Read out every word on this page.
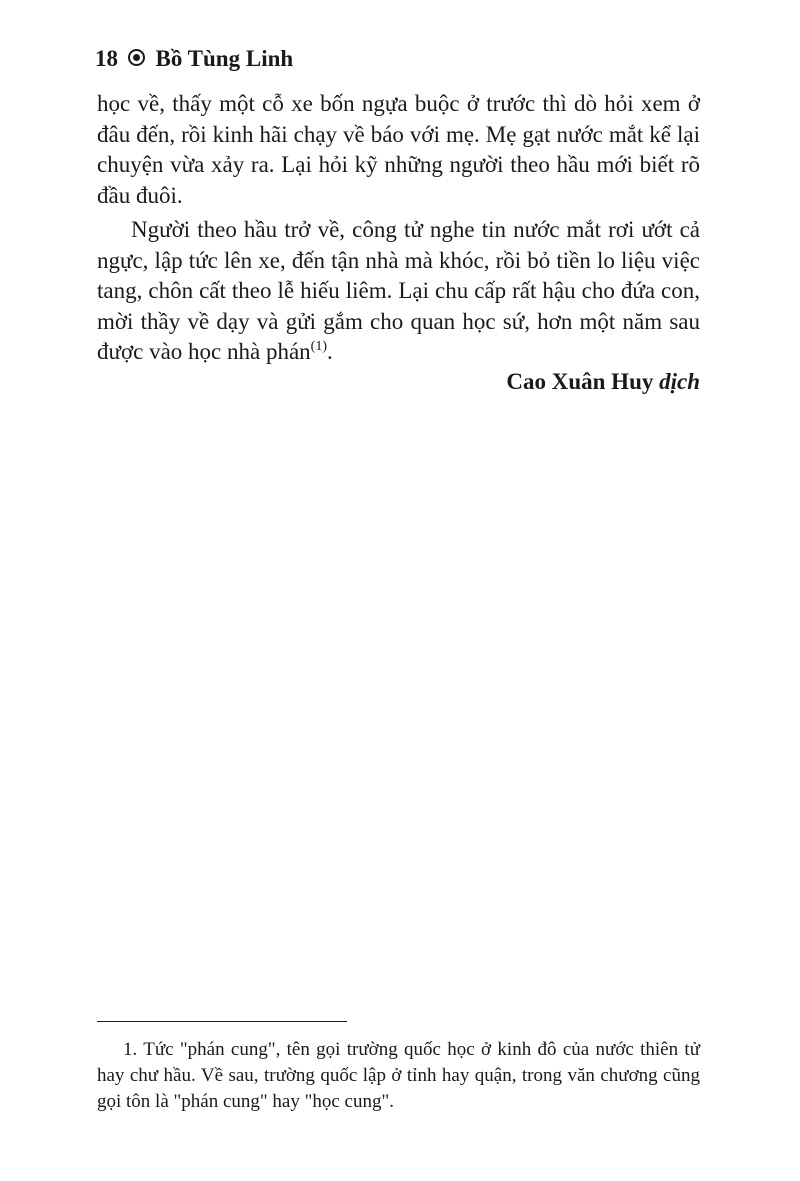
18 Bồ Tùng Linh

học về, thấy một cỗ xe bốn ngựa buộc ở trước thì dò hỏi xem ở đâu đến, rồi kinh hãi chạy về báo với mẹ. Mẹ gạt nước mắt kể lại chuyện vừa xảy ra. Lại hỏi kỹ những người theo hầu mới biết rõ đầu đuôi.

Người theo hầu trở về, công tử nghe tin nước mắt rơi ướt cả ngực, lập tức lên xe, đến tận nhà mà khóc, rồi bỏ tiền lo liệu việc tang, chôn cất theo lễ hiếu liêm. Lại chu cấp rất hậu cho đứa con, mời thầy về dạy và gửi gắm cho quan học sứ, hơn một năm sau được vào học nhà phán$^{(1)}$.

Cao Xuân Huy dịch

1. Tức "phán cung", tên gọi trường quốc học ở kinh đô của nước thiên tử hay chư hầu. Về sau, trường quốc lập ở tỉnh hay quận, trong văn chương cũng gọi tôn là "phán cung" hay "học cung".
